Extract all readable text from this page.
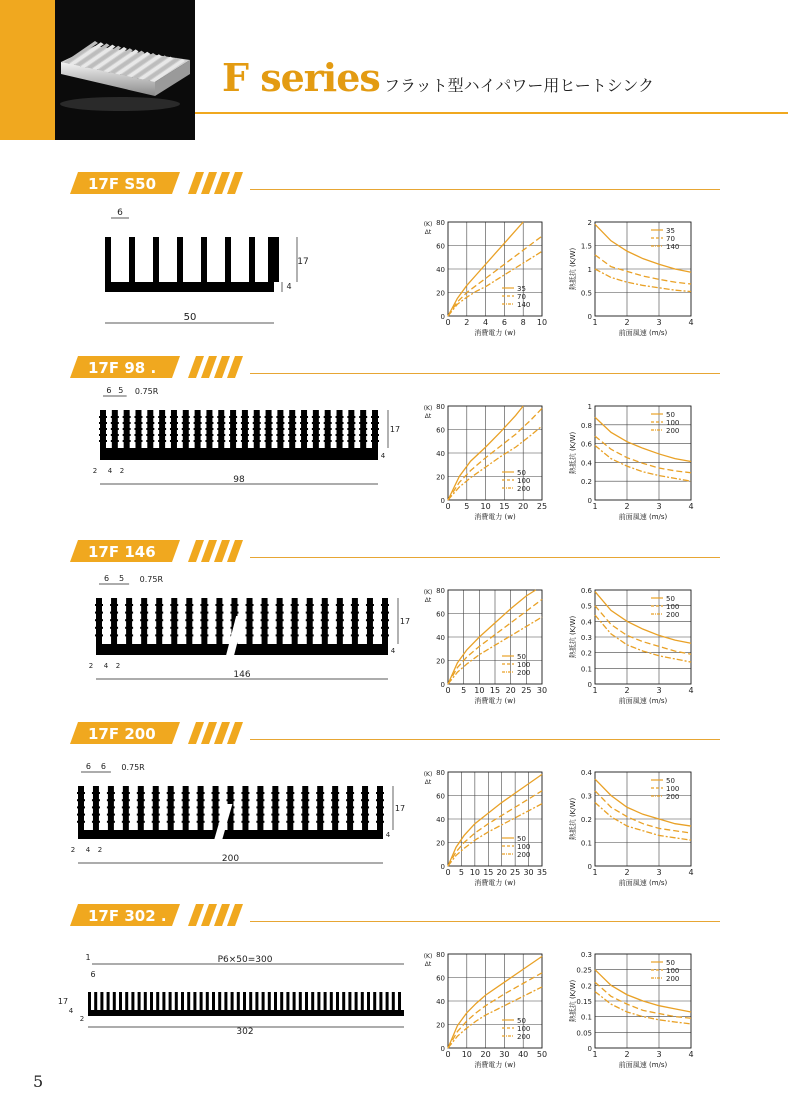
F series フラット型ハイパワー用ヒートシンク
17F S50
6
17
4
50	0 2 4 6 8 10
0
20
40
60
80
35
70
140
(K)
Δt
消費電力 (w)
1	2	3	4
0
0.5
1
1.5
2
35
70
140
熱抵抗 (K/W)
前面風速 (m/s)
17F 98 .
6 5 0.75R
17
4
2 4 2
98
0 5 10 15 20 25
0
20
40
60
80
50
100
200
(K)
Δt
消費電力 (w)
1	2	3	4
0
0.2
0.4
0.6
0.8
1
50
100
200
熱抵抗 (K/W)
前面風速 (m/s)
17F 146
6 5 0.75R
17
4
2 4 2
146
0 5 10 15 20 25 30
0
20
40
60
80
50
100
200
(K)
Δt
消費電力 (w)
1	2	3	4
0
0.1
0.2
0.3
0.4
0.5
0.6
50
100
200
熱抵抗 (K/W)
前面風速 (m/s)
17F 200
6 6 0.75R
17
4
2 4 2
200
0 5 10 15 20 25 30 35
0
20
40
60
80
50
100
200
(K)
Δt
消費電力 (w)
1	2	3	4
0
0.1
0.2
0.3
0.4
50
100
200
熱抵抗 (K/W)
前面風速 (m/s)
17F 302 .
P6×50=300
1
6
17
4
2
302
0 10 20 30 40 50
0
20
40
60
80
50
100
200
(K)
Δt
消費電力 (w)
1	2	3	4
0
0.05
0.1
0.15
0.2
0.25
0.3
50
100
200
熱抵抗 (K/W)
前面風速 (m/s)
5
